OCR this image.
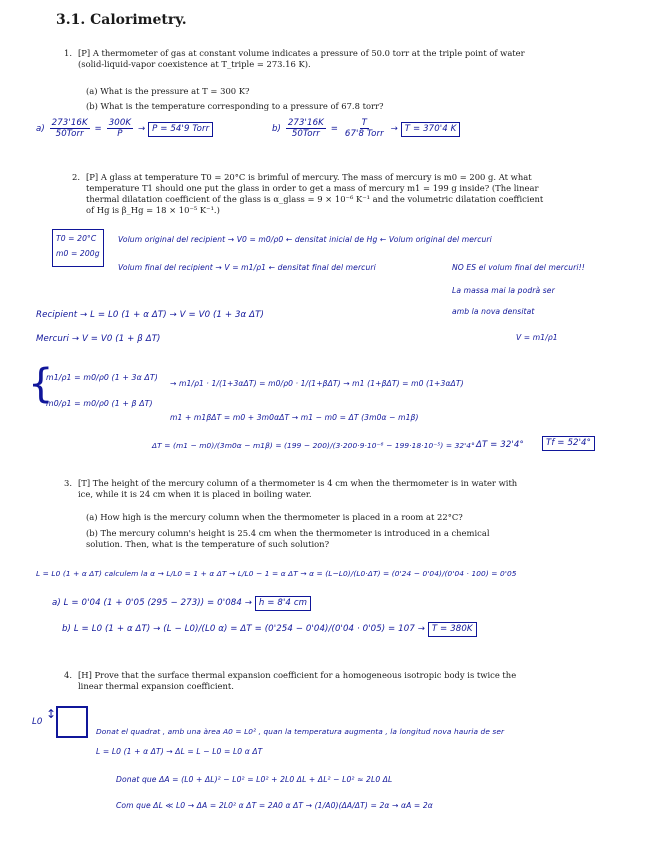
3.1. Calorimetry.
1. [P] A thermometer of gas at constant volume indicates a pressure of 50.0 torr at the triple point of water (solid-liquid-vapor coexistence at T_triple = 273.16 K).
(a) What is the pressure at T = 300 K?
(b) What is the temperature corresponding to a pressure of 67.8 torr?
$a) \frac{273'16K}{\text{50Torr}} = \frac{300K}{P} \to P = 54'9$ Torr	$b) \frac{273'16K}{\text{50Torr}} = \frac{T}{\text{67'8 Torr}} \to T = 370'4$ K
2. [P] A glass at temperature T0 = 20°C is brimful of mercury. The mass of mercury is m0 = 200 g. At what temperature T1 should one put the glass in order to get a mass of mercury m1 = 199 g inside? (The linear thermal dilatation coefficient of the glass is α_glass = 9 × 10⁻⁶ K⁻¹ and the volumetric dilatation coefficient of Hg is β_Hg = 18 × 10⁻⁵ K⁻¹.)
T0 = 20°C
m0 = 200g
Volum original del recipient → V0 = m0/ρ0 ← densitat inicial de Hg ← Volum original del mercuri
Volum final del recipient → V = m1/ρ1 ← densitat final del mercuri	NO ES el volum final del mercuri!!
La massa mai la podrà ser
amb la nova densitat
V = m1/ρ1
Recipient → L = L0 (1 + α ΔT) → V = V0 (1 + 3α ΔT)
Mercuri → V = V0 (1 + β ΔT)
{
m1/ρ1 = m0/ρ0 (1 + 3α ΔT)
m0/ρ1 = m0/ρ0 (1 + β ΔT)
→ m1/ρ1 · 1/(1+3αΔT) = m0/ρ0 · 1/(1+βΔT) → m1 (1+βΔT) = m0 (1+3αΔT)
m1 + m1βΔT = m0 + 3m0αΔT → m1 − m0 = ΔT (3m0α − m1β)
ΔT = (m1 − m0)/(3m0α − m1β) = (199 − 200)/(3·200·9·10⁻⁶ − 199·18·10⁻⁵) = 32'4° ΔT = 32'4°	Tf = 52'4°
3. [T] The height of the mercury column of a thermometer is 4 cm when the thermometer is in water with ice, while it is 24 cm when it is placed in boiling water.
(a) How high is the mercury column when the thermometer is placed in a room at 22°C?
(b) The mercury column's height is 25.4 cm when the thermometer is introduced in a chemical solution. Then, what is the temperature of such solution?
L = L0 (1 + α ΔT) calculem la α → L/L0 = 1 + α ΔT → L/L0 − 1 = α ΔT → α = (L−L0)/(L0·ΔT) = (0'24 − 0'04)/(0'04 · 100) = 0'05
a) L = 0'04 (1 + 0'05 (295 − 273)) = 0'084 → h = 8'4 cm
b) L = L0 (1 + α ΔT) → (L − L0)/(L0 α) = ΔT = (0'254 − 0'04)/(0'04 · 0'05) = 107 → T = 380K
4. [H] Prove that the surface thermal expansion coefficient for a homogeneous isotropic body is twice the linear thermal expansion coefficient.
L0
↕
Donat el quadrat , amb una àrea A0 = L0² , quan la temperatura augmenta , la longitud nova hauria de ser
L = L0 (1 + α ΔT) → ΔL = L − L0 = L0 α ΔT
Donat que ΔA = (L0 + ΔL)² − L0² = L0² + 2L0 ΔL + ΔL² − L0² ≈ 2L0 ΔL
Com que ΔL ≪ L0 → ΔA = 2L0² α ΔT = 2A0 α ΔT → (1/A0)(ΔA/ΔT) = 2α → αA = 2α
